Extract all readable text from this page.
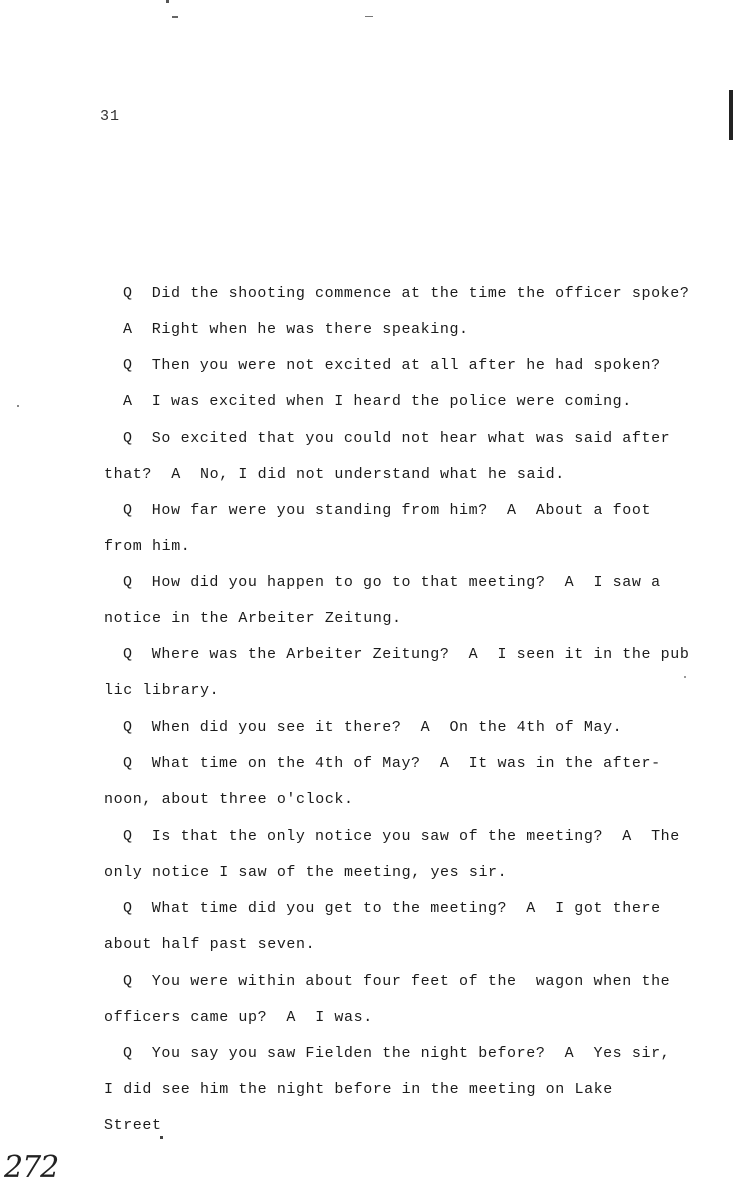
31
Q  Did the shooting commence at the time the officer spoke?
A  Right when he was there speaking.
Q  Then you were not excited at all after he had spoken?
A  I was excited when I heard the police were coming.
Q  So excited that you could not hear what was said after
that?  A  No, I did not understand what he said.
Q  How far were you standing from him?  A  About a foot
from him.
Q  How did you happen to go to that meeting?  A  I saw a
notice in the Arbeiter Zeitung.
Q  Where was the Arbeiter Zeitung?  A  I seen it in the pub
lic library.
Q  When did you see it there?  A  On the 4th of May.
Q  What time on the 4th of May?  A  It was in the after-
noon, about three o'clock.
Q  Is that the only notice you saw of the meeting?  A  The
only notice I saw of the meeting, yes sir.
Q  What time did you get to the meeting?  A  I got there
about half past seven.
Q  You were within about four feet of the  wagon when the
officers came up?  A  I was.
Q  You say you saw Fielden the night before?  A  Yes sir,
I did see him the night before in the meeting on Lake
Street
272
